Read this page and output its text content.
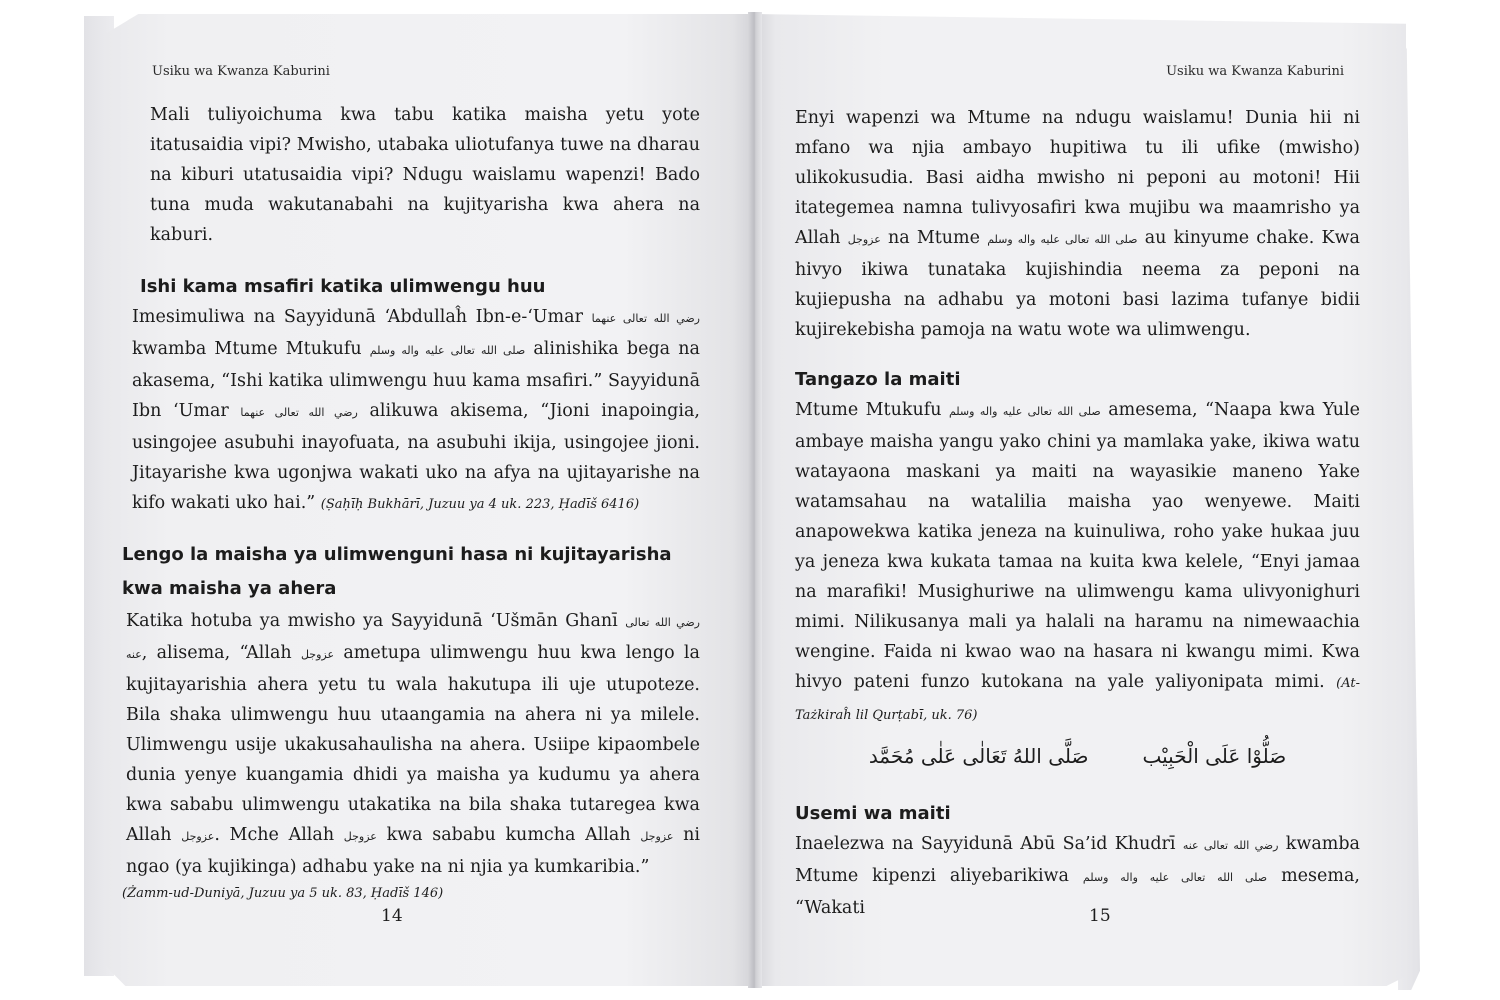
Usiku wa Kwanza Kaburini

Mali tuliyoichuma kwa tabu katika maisha yetu yote itatusaidia vipi? Mwisho, utabaka uliotufanya tuwe na dharau na kiburi utatusaidia vipi? Ndugu waislamu wapenzi! Bado tuna muda wakutanabahi na kujityarisha kwa ahera na kaburi.

Ishi kama msafiri katika ulimwengu huu

Imesimuliwa na Sayyidunā ‘Abdullaĥ Ibn-e-‘Umar رضي الله تعالى عنهما kwamba Mtume Mtukufu صلى الله تعالى عليه واله وسلم alinishika bega na akasema, “Ishi katika ulimwengu huu kama msafiri.” Sayyidunā Ibn ‘Umar رضي الله تعالى عنهما alikuwa akisema, “Jioni inapoingia, usingojee asubuhi inayofuata, na asubuhi ikija, usingojee jioni. Jitayarishe kwa ugonjwa wakati uko na afya na ujitayarishe na kifo wakati uko hai.” (Ṣaḥīḥ Bukhārī, Juzuu ya 4 uk. 223, Ḥadīš 6416)

Lengo la maisha ya ulimwenguni hasa ni kujitayarisha kwa maisha ya ahera

Katika hotuba ya mwisho ya Sayyidunā ‘Ušmān Ghanī رضي الله تعالى عنه, alisema, “Allah عزوجل ametupa ulimwengu huu kwa lengo la kujitayarishia ahera yetu tu wala hakutupa ili uje utupoteze. Bila shaka ulimwengu huu utaangamia na ahera ni ya milele. Ulimwengu usije ukakusahaulisha na ahera. Usiipe kipaombele dunia yenye kuangamia dhidi ya maisha ya kudumu ya ahera kwa sababu ulimwengu utakatika na bila shaka tutaregea kwa Allah عزوجل. Mche Allah عزوجل kwa sababu kumcha Allah عزوجل ni ngao (ya kujikinga) adhabu yake na ni njia ya kumkaribia.”

(Żamm-ud-Duniyā, Juzuu ya 5 uk. 83, Ḥadīš 146)
14
Usiku wa Kwanza Kaburini

Enyi wapenzi wa Mtume na ndugu waislamu! Dunia hii ni mfano wa njia ambayo hupitiwa tu ili ufike (mwisho) ulikokusudia. Basi aidha mwisho ni peponi au motoni! Hii itategemea namna tulivyosafiri kwa mujibu wa maamrisho ya Allah عزوجل na Mtume صلى الله تعالى عليه واله وسلم au kinyume chake. Kwa hivyo ikiwa tunataka kujishindia neema za peponi na kujiepusha na adhabu ya motoni basi lazima tufanye bidii kujirekebisha pamoja na watu wote wa ulimwengu.

Tangazo la maiti

Mtume Mtukufu صلى الله تعالى عليه واله وسلم amesema, “Naapa kwa Yule ambaye maisha yangu yako chini ya mamlaka yake, ikiwa watu watayaona maskani ya maiti na wayasikie maneno Yake watamsahau na watalilia maisha yao wenyewe. Maiti anapowekwa katika jeneza na kuinuliwa, roho yake hukaa juu ya jeneza kwa kukata tamaa na kuita kwa kelele, “Enyi jamaa na marafiki! Musighuriwe na ulimwengu kama ulivyonighuri mimi. Nilikusanya mali ya halali na haramu na nimewaachia wengine. Faida ni kwao wao na hasara ni kwangu mimi. Kwa hivyo pateni funzo kutokana na yale yaliyonipata mimi. (At-Tażkiraĥ lil Qurṭabī, uk. 76)

صَلُّوْا عَلَى الْحَبِيْب
صَلَّى اللهُ تَعَالٰى عَلٰى مُحَمَّد
Usemi wa maiti

Inaelezwa na Sayyidunā Abū Sa’id Khudrī رضي الله تعالى عنه kwamba Mtume kipenzi aliyebarikiwa صلى الله تعالى عليه واله وسلم mesema, “Wakati	15
